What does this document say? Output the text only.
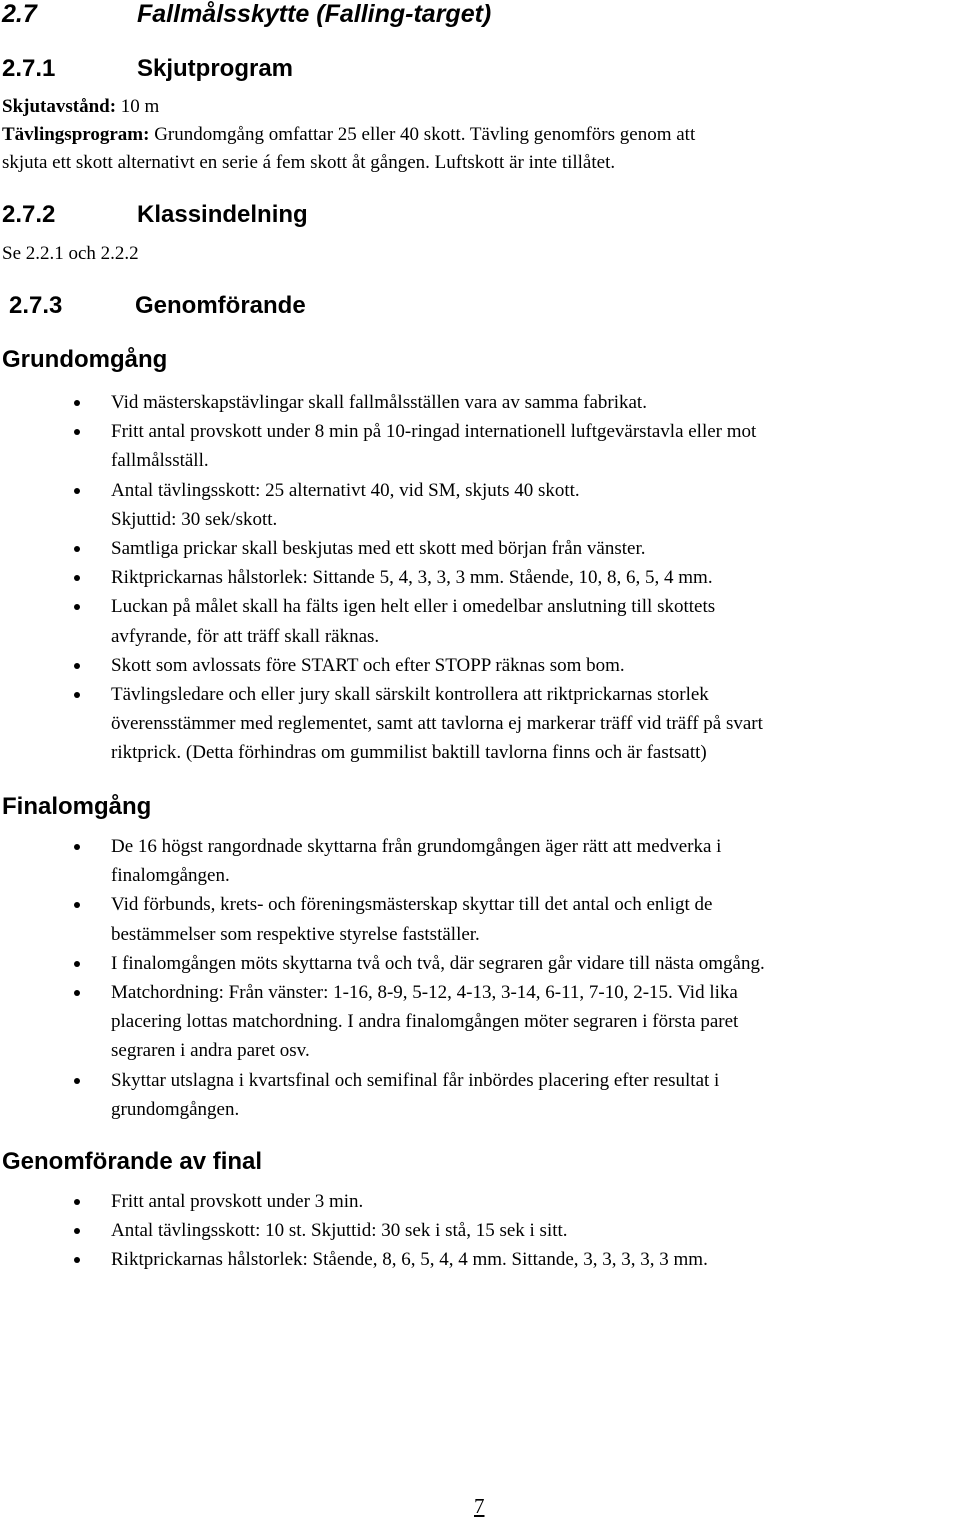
2.7	Fallmålsskytte (Falling-target)
2.7.1	Skjutprogram

Skjutavstånd: 10 m

Tävlingsprogram: Grundomgång omfattar 25 eller 40 skott. Tävling genomförs genom att

skjuta ett skott alternativt en serie á fem skott åt gången. Luftskott är inte tillåtet.

2.7.2	Klassindelning

Se 2.2.1 och 2.2.2

2.7.3	Genomförande
Grundomgång
Vid mästerskapstävlingar skall fallmålsställen vara av samma fabrikat.
Fritt antal provskott under 8 min på 10-ringad internationell luftgevärstavla eller mot
fallmålsställ.
Antal tävlingsskott: 25 alternativt 40, vid SM, skjuts 40 skott.
Skjuttid: 30 sek/skott.
Samtliga prickar skall beskjutas med ett skott med början från vänster.
Riktprickarnas hålstorlek: Sittande 5, 4, 3, 3, 3 mm. Stående, 10, 8, 6, 5, 4 mm.
Luckan på målet skall ha fälts igen helt eller i omedelbar anslutning till skottets
avfyrande, för att träff skall räknas.
Skott som avlossats före START och efter STOPP räknas som bom.
Tävlingsledare och eller jury skall särskilt kontrollera att riktprickarnas storlek
överensstämmer med reglementet, samt att tavlorna ej markerar träff vid träff på svart
riktprick. (Detta förhindras om gummilist baktill tavlorna finns och är fastsatt)
Finalomgång
De 16 högst rangordnade skyttarna från grundomgången äger rätt att medverka i
finalomgången.
Vid förbunds, krets- och föreningsmästerskap skyttar till det antal och enligt de
bestämmelser som respektive styrelse fastställer.
I finalomgången möts skyttarna två och två, där segraren går vidare till nästa omgång.
Matchordning: Från vänster: 1-16, 8-9, 5-12, 4-13, 3-14, 6-11, 7-10, 2-15. Vid lika
placering lottas matchordning. I andra finalomgången möter segraren i första paret
segraren i andra paret osv.
Skyttar utslagna i kvartsfinal och semifinal får inbördes placering efter resultat i
grundomgången.
Genomförande av final
Fritt antal provskott under 3 min.
Antal tävlingsskott: 10 st. Skjuttid: 30 sek i stå, 15 sek i sitt.
Riktprickarnas hålstorlek: Stående, 8, 6, 5, 4, 4 mm. Sittande, 3, 3, 3, 3, 3 mm.
7
